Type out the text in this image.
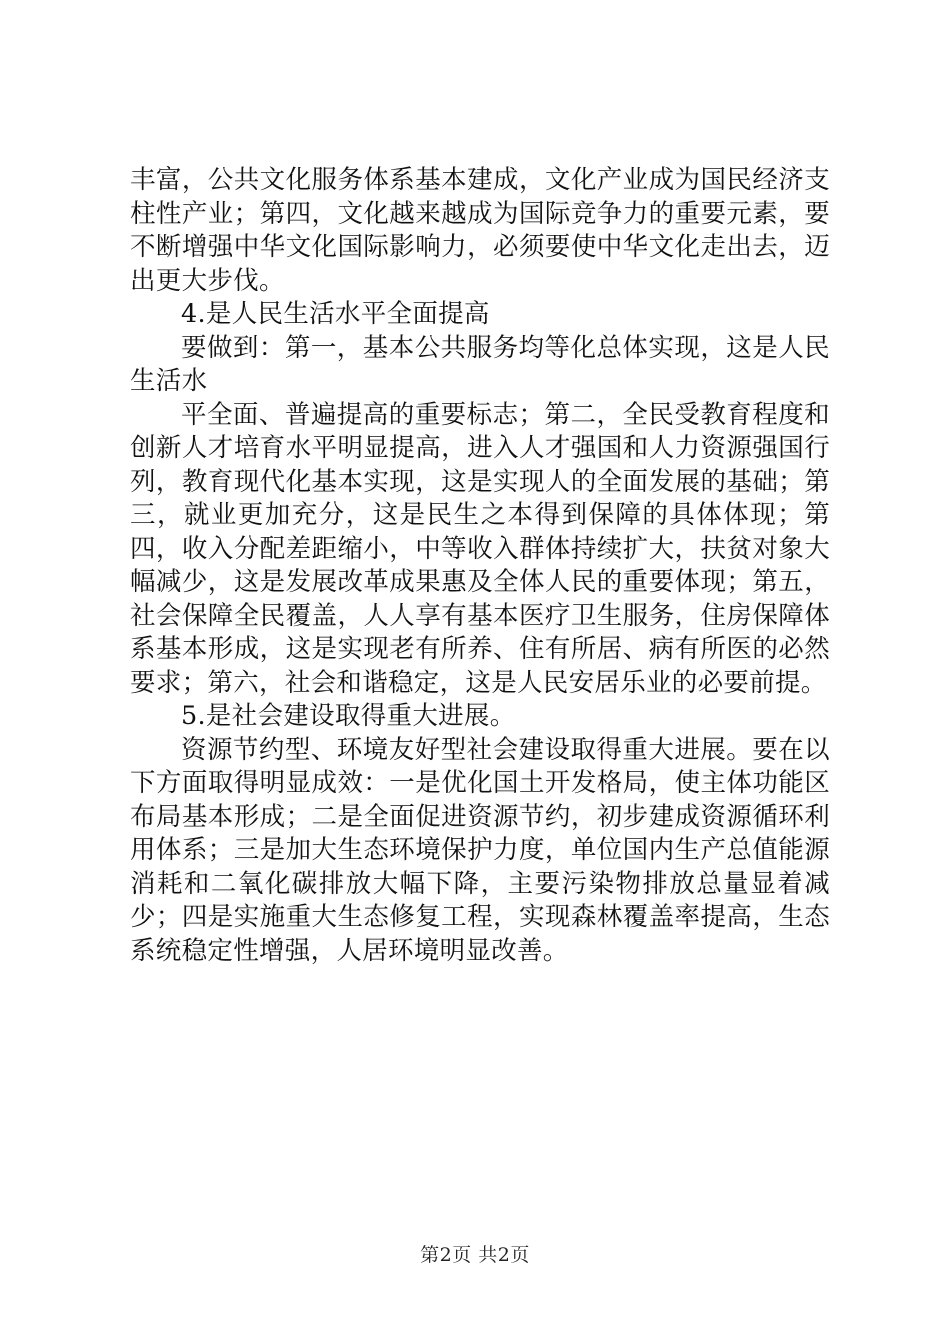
丰富，公共文化服务体系基本建成，文化产业成为国民经济支柱性产业；第四，文化越来越成为国际竞争力的重要元素，要不断增强中华文化国际影响力，必须要使中华文化走出去，迈出更大步伐。

4.是人民生活水平全面提高

要做到：第一，基本公共服务均等化总体实现，这是人民生活水

平全面、普遍提高的重要标志；第二，全民受教育程度和创新人才培育水平明显提高，进入人才强国和人力资源强国行列，教育现代化基本实现，这是实现人的全面发展的基础；第三，就业更加充分，这是民生之本得到保障的具体体现；第四，收入分配差距缩小，中等收入群体持续扩大，扶贫对象大幅减少，这是发展改革成果惠及全体人民的重要体现；第五，社会保障全民覆盖，人人享有基本医疗卫生服务，住房保障体系基本形成，这是实现老有所养、住有所居、病有所医的必然要求；第六，社会和谐稳定，这是人民安居乐业的必要前提。

5.是社会建设取得重大进展。

资源节约型、环境友好型社会建设取得重大进展。要在以下方面取得明显成效：一是优化国土开发格局，使主体功能区布局基本形成；二是全面促进资源节约，初步建成资源循环利用体系；三是加大生态环境保护力度，单位国内生产总值能源消耗和二氧化碳排放大幅下降，主要污染物排放总量显着减少；四是实施重大生态修复工程，实现森林覆盖率提高，生态系统稳定性增强，人居环境明显改善。

第2页 共2页
